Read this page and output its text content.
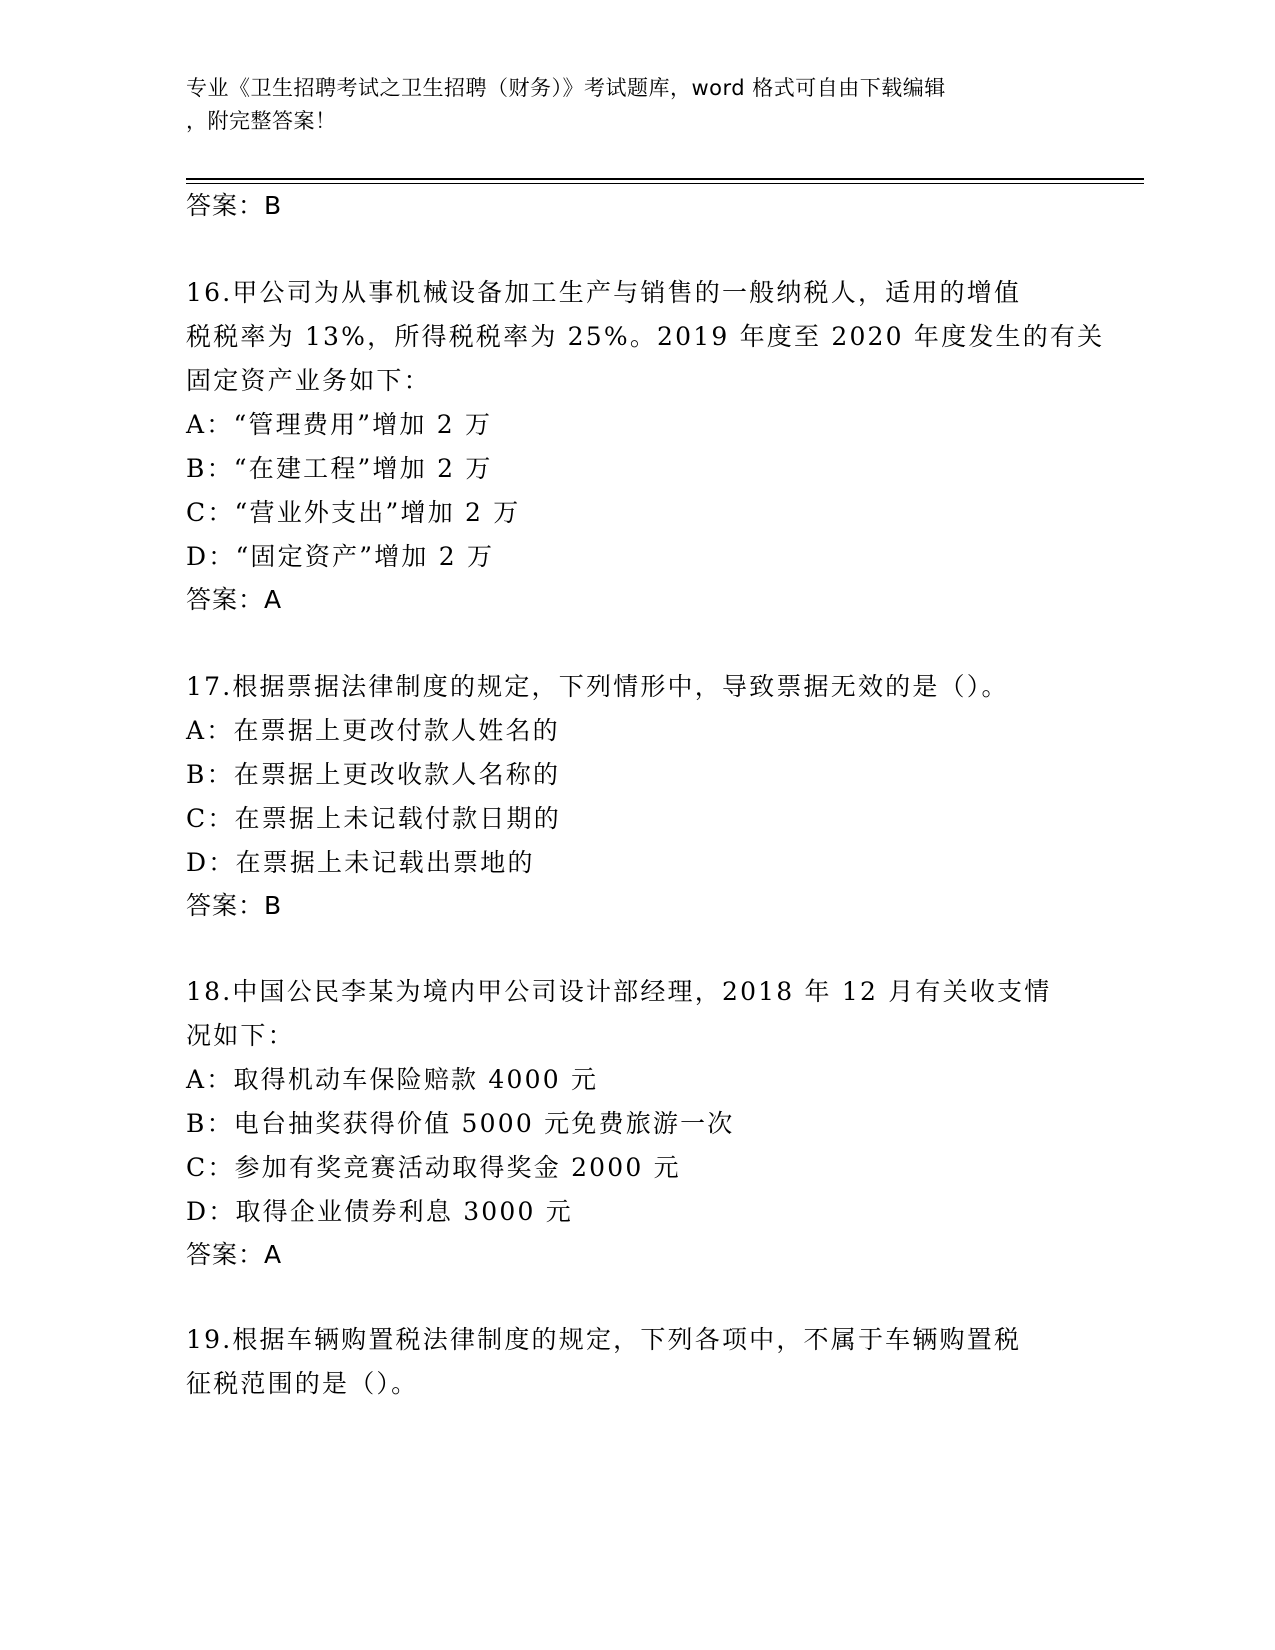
专业《卫生招聘考试之卫生招聘（财务）》考试题库，word 格式可自由下载编辑
，附完整答案！
答案：B
16.甲公司为从事机械设备加工生产与销售的一般纳税人，适用的增值
税税率为 13%，所得税税率为 25%。2019 年度至 2020 年度发生的有关
固定资产业务如下：
A：“管理费用”增加 2 万
B：“在建工程”增加 2 万
C：“营业外支出”增加 2 万
D：“固定资产”增加 2 万
答案：A
17.根据票据法律制度的规定，下列情形中，导致票据无效的是（）。
A：在票据上更改付款人姓名的
B：在票据上更改收款人名称的
C：在票据上未记载付款日期的
D：在票据上未记载出票地的
答案：B
18.中国公民李某为境内甲公司设计部经理，2018 年 12 月有关收支情
况如下：
A：取得机动车保险赔款 4000 元
B：电台抽奖获得价值 5000 元免费旅游一次
C：参加有奖竞赛活动取得奖金 2000 元
D：取得企业债券利息 3000 元
答案：A
19.根据车辆购置税法律制度的规定，下列各项中，不属于车辆购置税
征税范围的是（）。
